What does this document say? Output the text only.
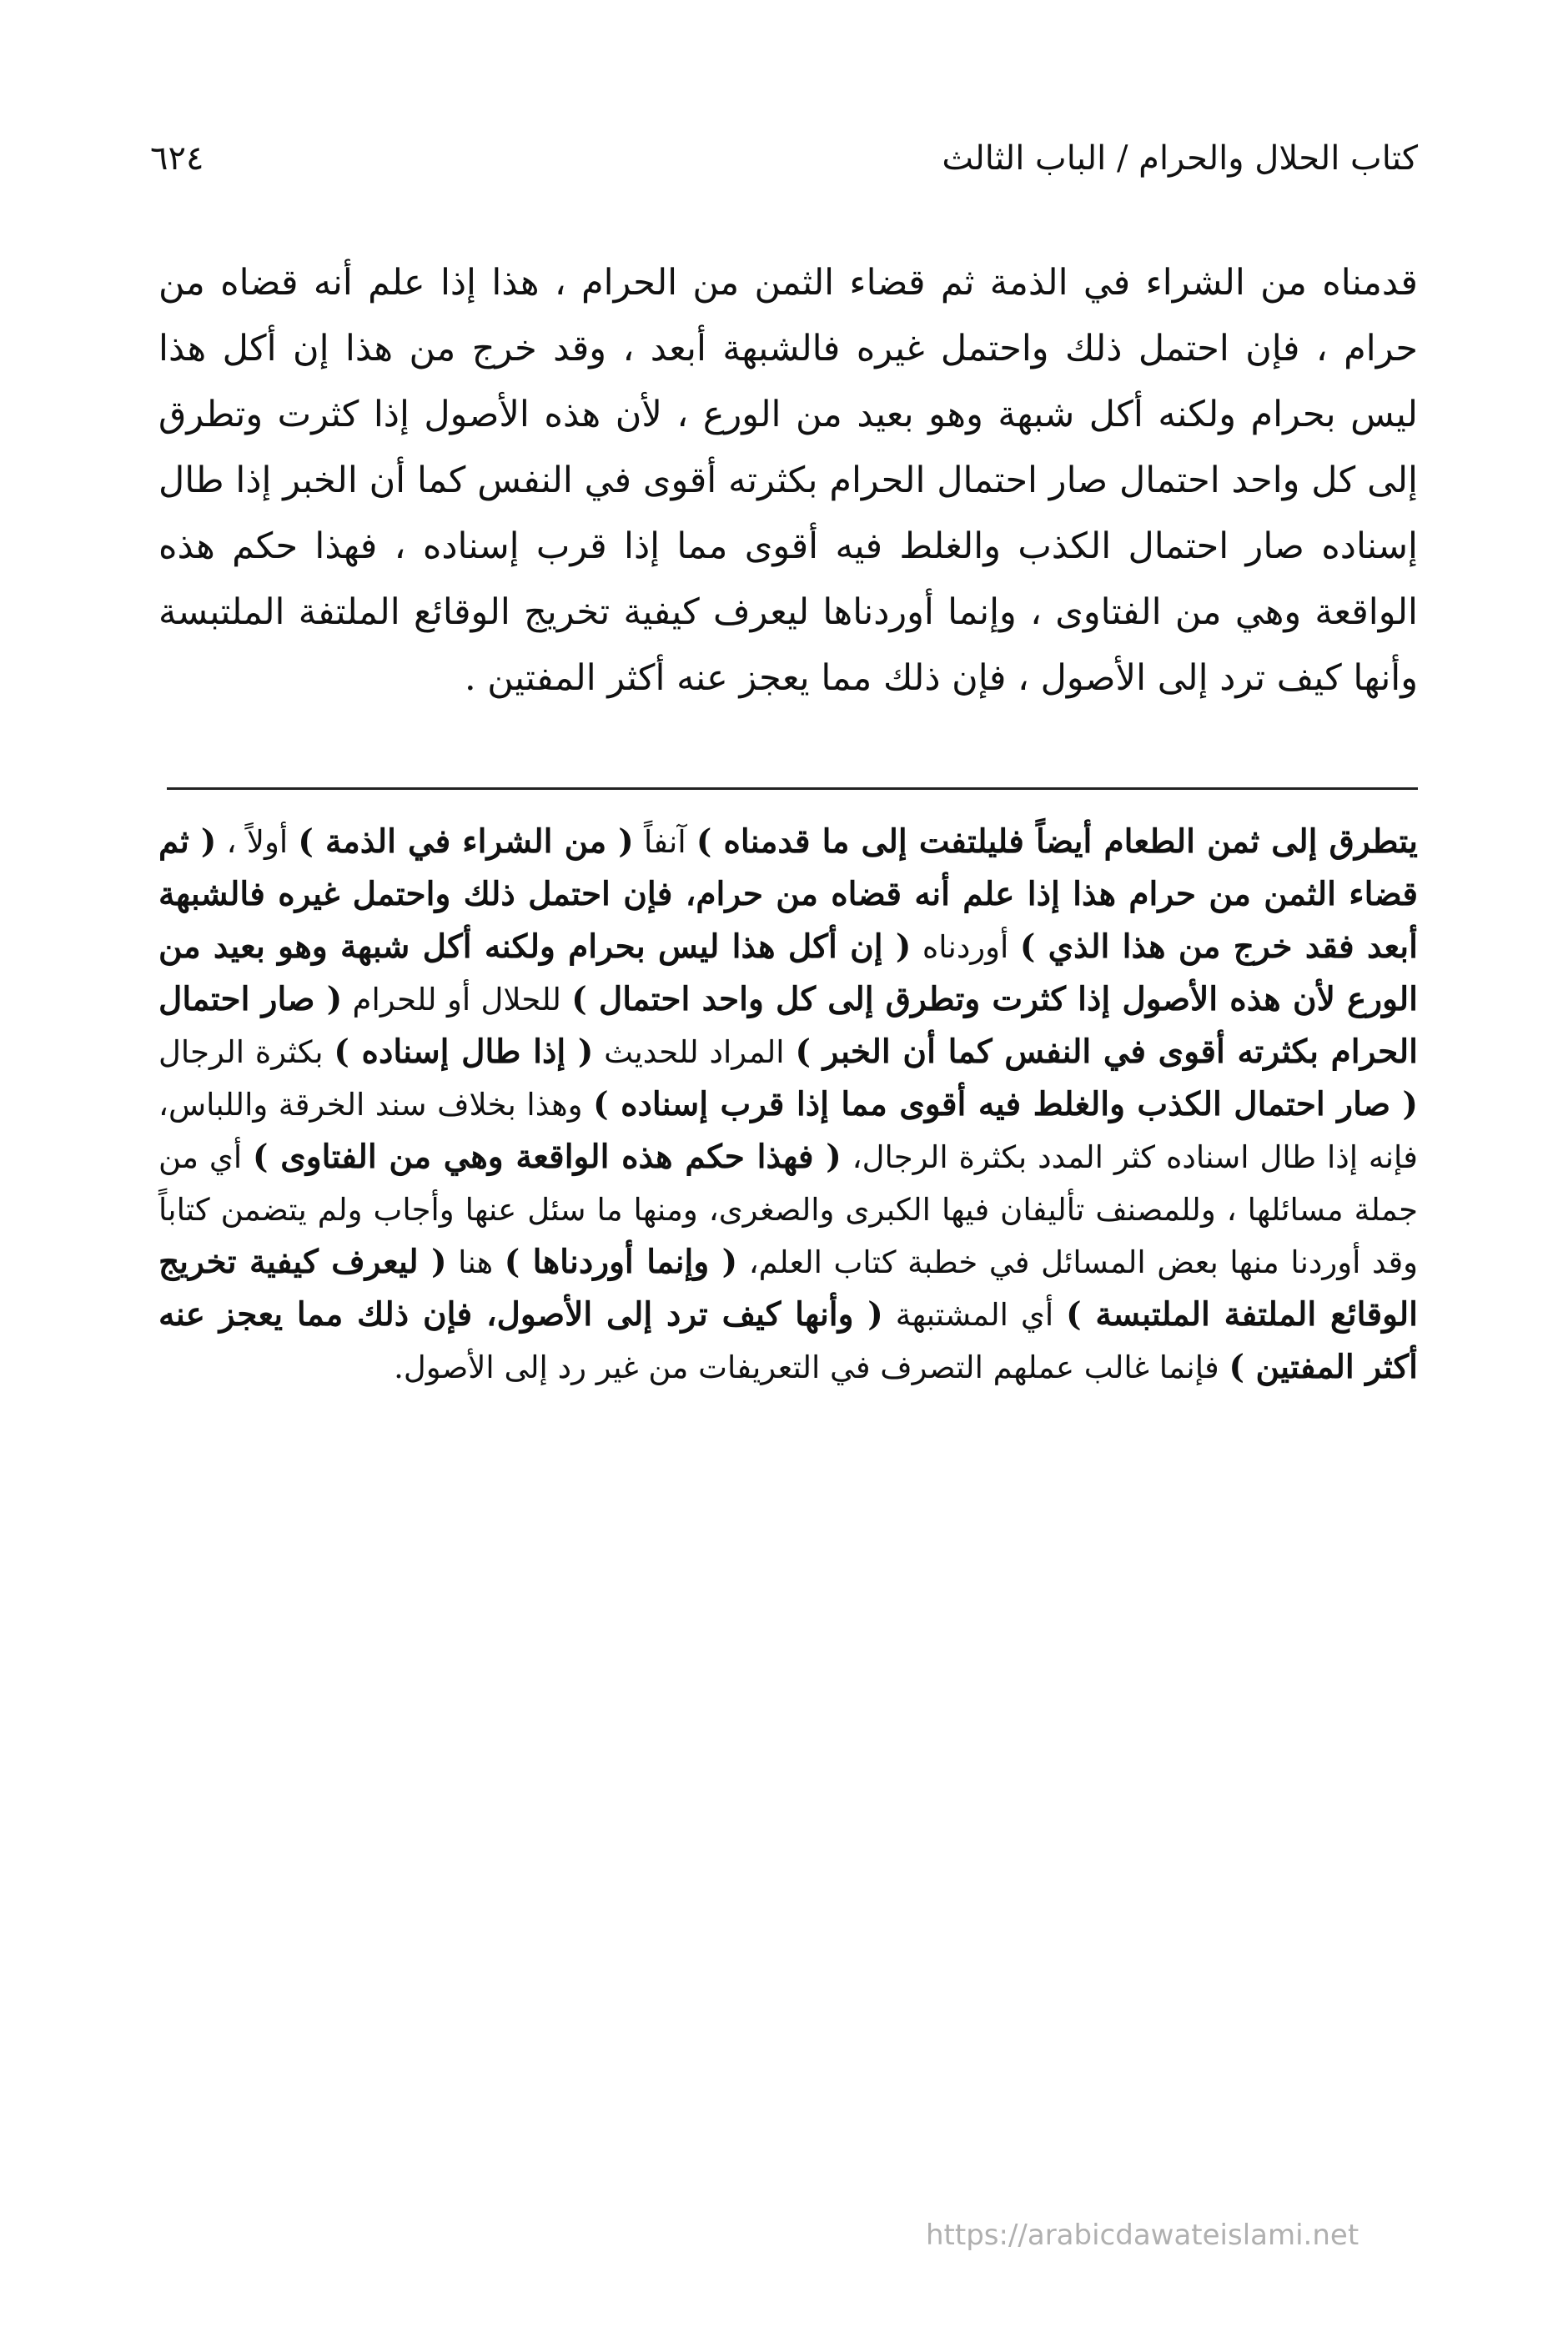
كتاب الحلال والحرام / الباب الثالث
٦٢٤

قدمناه من الشراء في الذمة ثم قضاء الثمن من الحرام ، هذا إذا علم أنه قضاه من حرام ، فإن احتمل ذلك واحتمل غيره فالشبهة أبعد ، وقد خرج من هذا إن أكل هذا ليس بحرام ولكنه أكل شبهة وهو بعيد من الورع ، لأن هذه الأصول إذا كثرت وتطرق إلى كل واحد احتمال صار احتمال الحرام بكثرته أقوى في النفس كما أن الخبر إذا طال إسناده صار احتمال الكذب والغلط فيه أقوى مما إذا قرب إسناده ، فهذا حكم هذه الواقعة وهي من الفتاوى ، وإنما أوردناها ليعرف كيفية تخريج الوقائع الملتفة الملتبسة وأنها كيف ترد إلى الأصول ، فإن ذلك مما يعجز عنه أكثر المفتين .

يتطرق إلى ثمن الطعام أيضاً فليلتفت إلى ما قدمناه ) آنفاً ( من الشراء في الذمة ) أولاً ، ( ثم قضاء الثمن من حرام هذا إذا علم أنه قضاه من حرام، فإن احتمل ذلك واحتمل غيره فالشبهة أبعد فقد خرج من هذا الذي ) أوردناه ( إن أكل هذا ليس بحرام ولكنه أكل شبهة وهو بعيد من الورع لأن هذه الأصول إذا كثرت وتطرق إلى كل واحد احتمال ) للحلال أو للحرام ( صار احتمال الحرام بكثرته أقوى في النفس كما أن الخبر ) المراد للحديث ( إذا طال إسناده ) بكثرة الرجال ( صار احتمال الكذب والغلط فيه أقوى مما إذا قرب إسناده ) وهذا بخلاف سند الخرقة واللباس، فإنه إذا طال اسناده كثر المدد بكثرة الرجال، ( فهذا حكم هذه الواقعة وهي من الفتاوى ) أي من جملة مسائلها ، وللمصنف تأليفان فيها الكبرى والصغرى، ومنها ما سئل عنها وأجاب ولم يتضمن كتاباً وقد أوردنا منها بعض المسائل في خطبة كتاب العلم، ( وإنما أوردناها ) هنا ( ليعرف كيفية تخريج الوقائع الملتفة الملتبسة ) أي المشتبهة ( وأنها كيف ترد إلى الأصول، فإن ذلك مما يعجز عنه أكثر المفتين ) فإنما غالب عملهم التصرف في التعريفات من غير رد إلى الأصول.

https://arabicdawateislami.net
